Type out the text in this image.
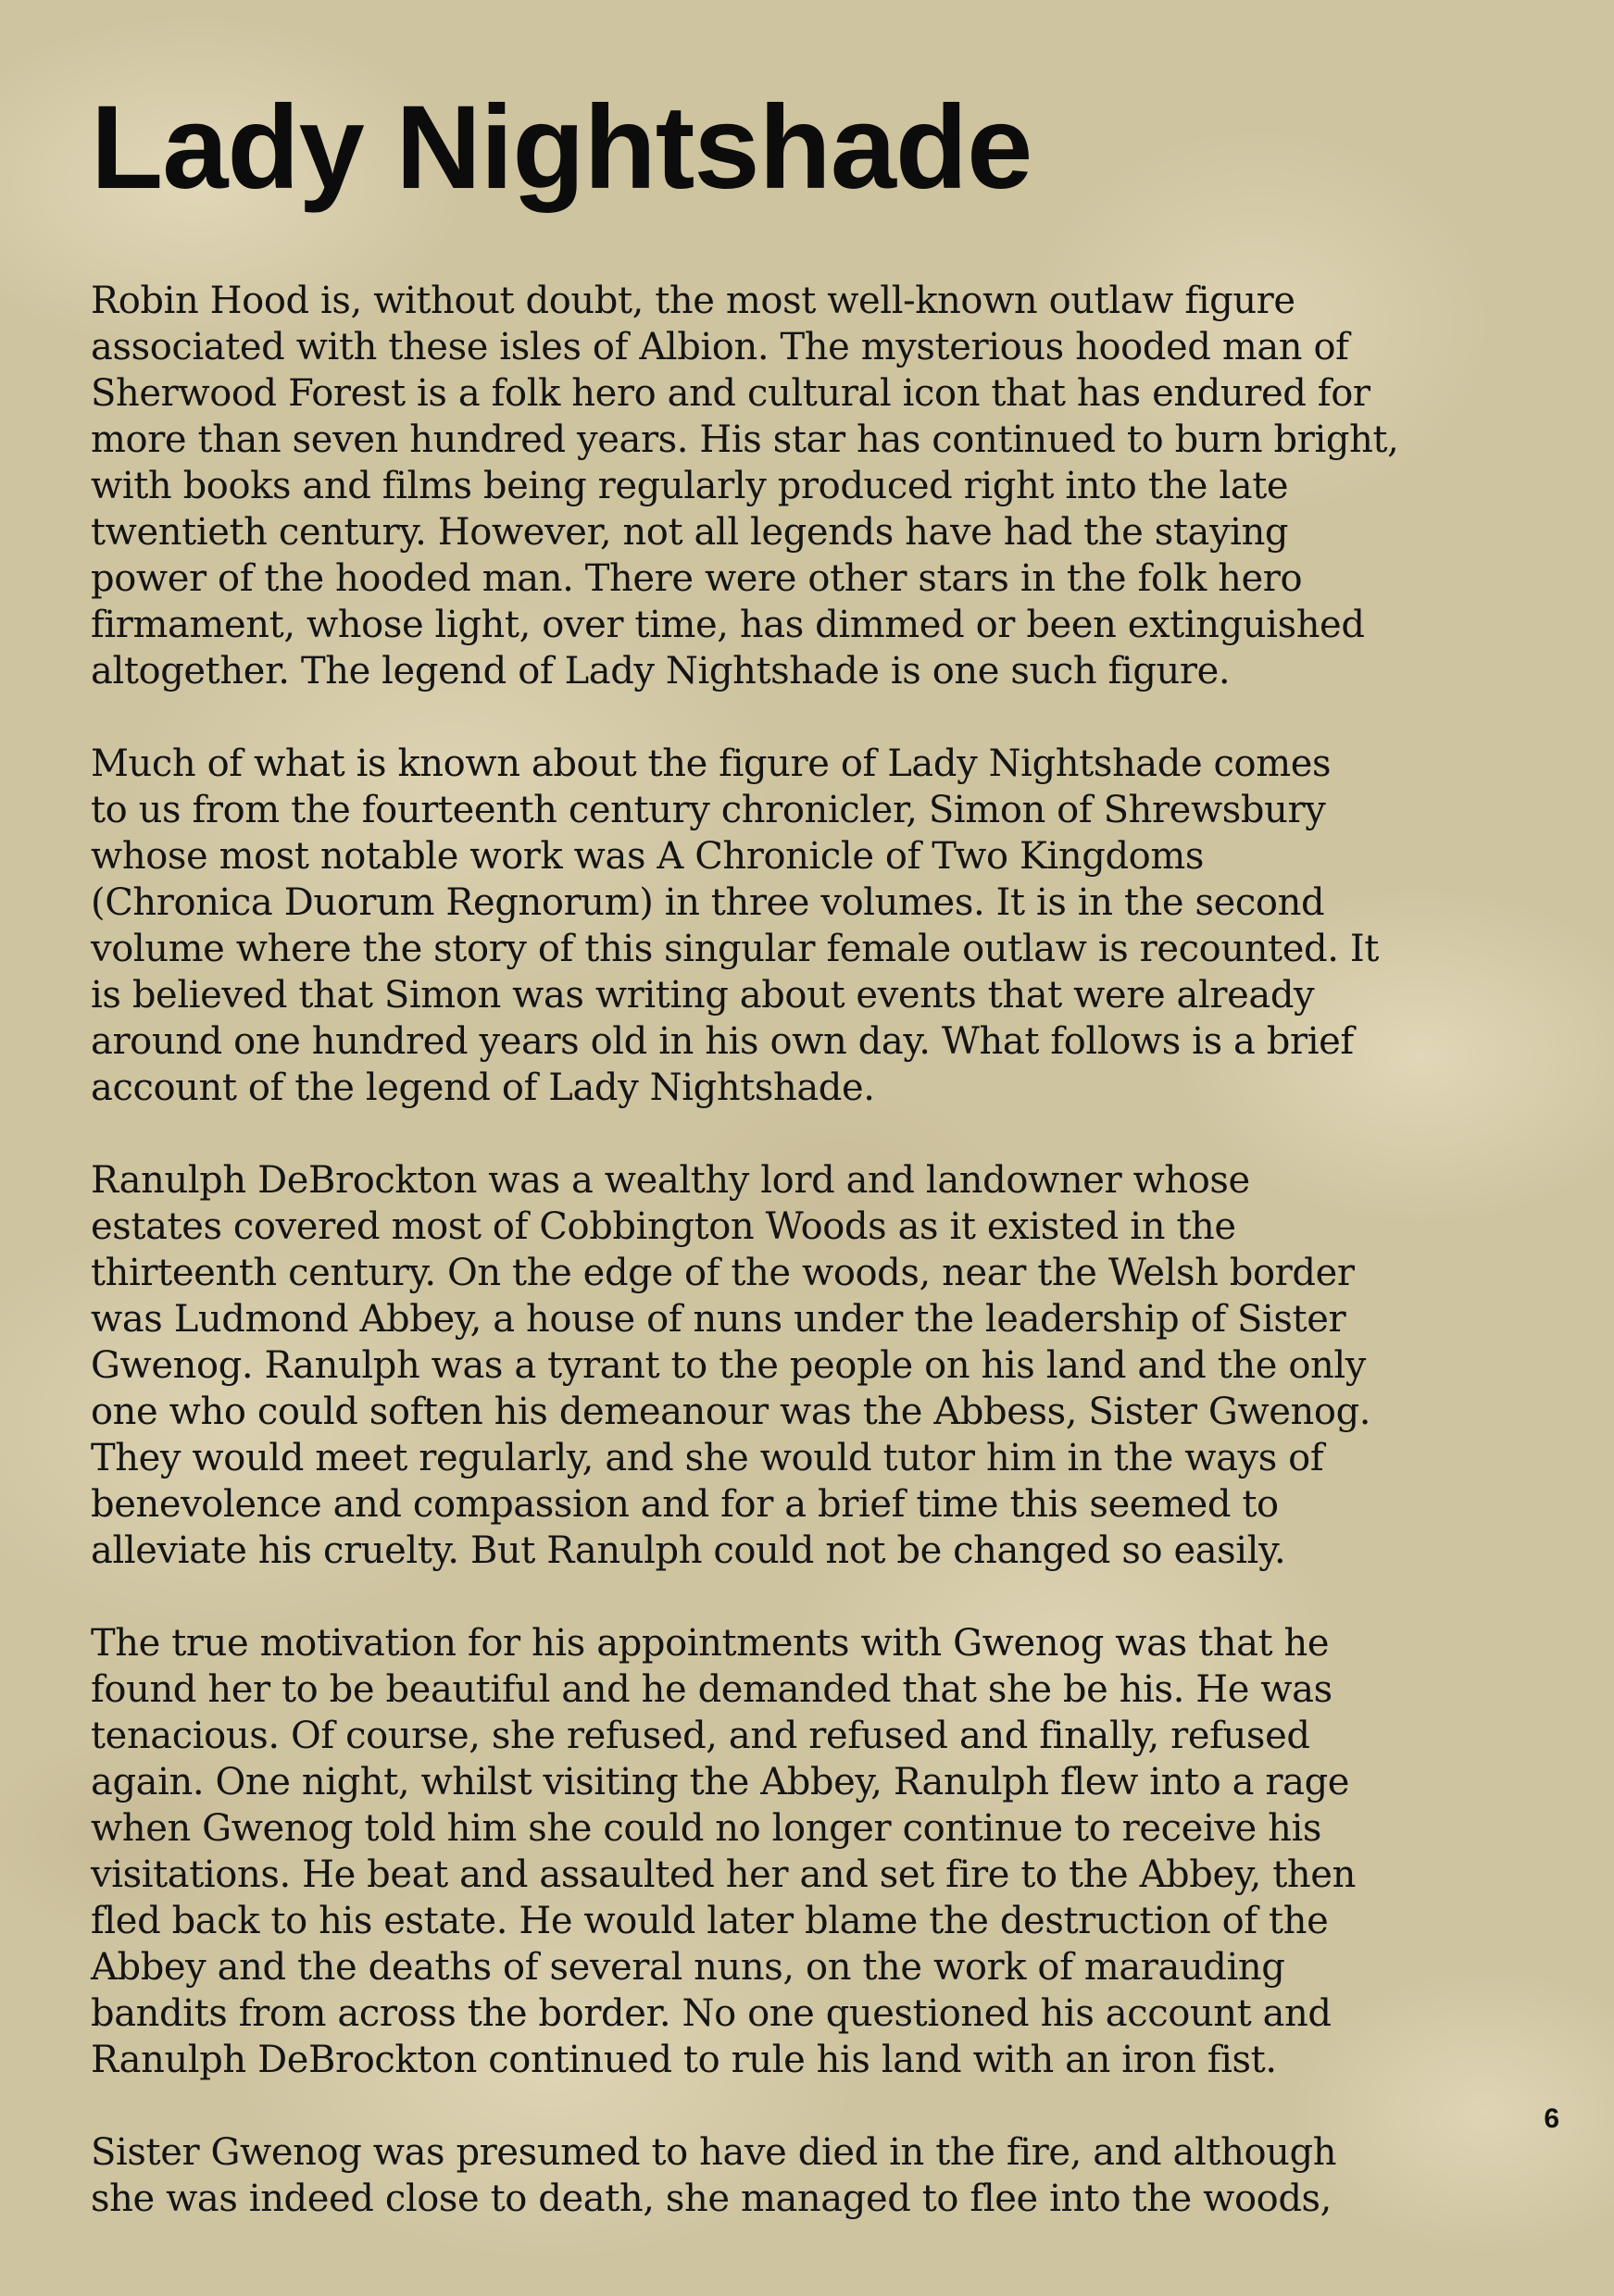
Lady Nightshade

Robin Hood is, without doubt, the most well-known outlaw figure
associated with these isles of Albion. The mysterious hooded man of
Sherwood Forest is a folk hero and cultural icon that has endured for
more than seven hundred years. His star has continued to burn bright,
with books and films being regularly produced right into the late
twentieth century. However, not all legends have had the staying
power of the hooded man. There were other stars in the folk hero
firmament, whose light, over time, has dimmed or been extinguished
altogether. The legend of Lady Nightshade is one such figure.

Much of what is known about the figure of Lady Nightshade comes
to us from the fourteenth century chronicler, Simon of Shrewsbury
whose most notable work was A Chronicle of Two Kingdoms
(Chronica Duorum Regnorum) in three volumes. It is in the second
volume where the story of this singular female outlaw is recounted. It
is believed that Simon was writing about events that were already
around one hundred years old in his own day. What follows is a brief
account of the legend of Lady Nightshade.

Ranulph DeBrockton was a wealthy lord and landowner whose
estates covered most of Cobbington Woods as it existed in the
thirteenth century. On the edge of the woods, near the Welsh border
was Ludmond Abbey, a house of nuns under the leadership of Sister
Gwenog. Ranulph was a tyrant to the people on his land and the only
one who could soften his demeanour was the Abbess, Sister Gwenog.
They would meet regularly, and she would tutor him in the ways of
benevolence and compassion and for a brief time this seemed to
alleviate his cruelty. But Ranulph could not be changed so easily.

The true motivation for his appointments with Gwenog was that he
found her to be beautiful and he demanded that she be his. He was
tenacious. Of course, she refused, and refused and finally, refused
again. One night, whilst visiting the Abbey, Ranulph flew into a rage
when Gwenog told him she could no longer continue to receive his
visitations. He beat and assaulted her and set fire to the Abbey, then
fled back to his estate. He would later blame the destruction of the
Abbey and the deaths of several nuns, on the work of marauding
bandits from across the border. No one questioned his account and
Ranulph DeBrockton continued to rule his land with an iron fist.

Sister Gwenog was presumed to have died in the fire, and although
she was indeed close to death, she managed to flee into the woods,

6
